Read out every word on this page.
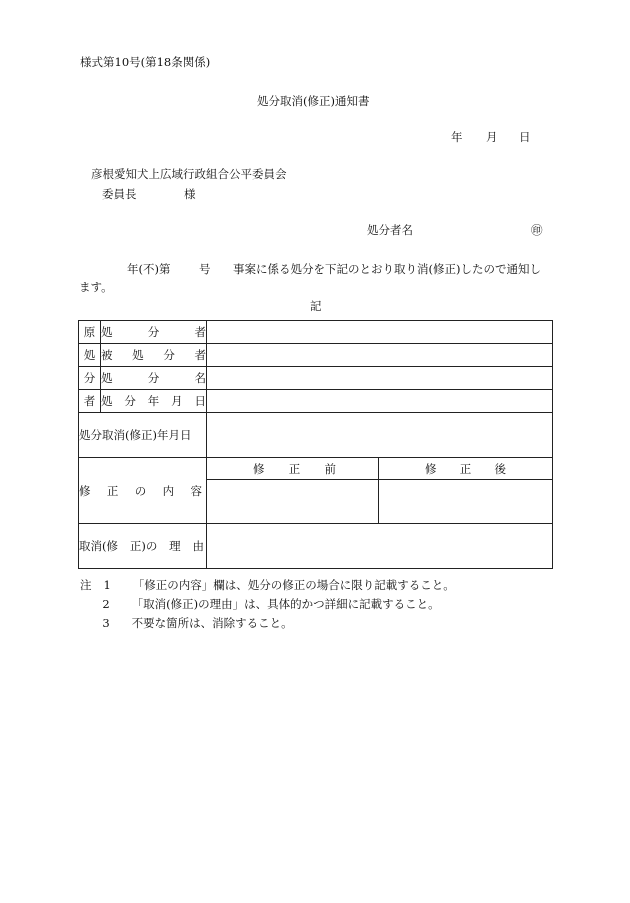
様式第10号(第18条関係)
処分取消(修正)通知書
年 月 日
彦根愛知犬上広域行政組合公平委員会
委員長	様
処分者名	㊞
年(不)第 号 事案に係る処分を下記のとおり取り消(修正)したので通知し
ます。
記
原	処 分 者		

処	被 処 分 者		

分	処 分 名		

者	処 分 年 月 日		

処分取消(修正)年月日			

修 正 の 内 容		修 正 前	修 正 後

取消(修 正)の 理 由			

注 1 「修正の内容」欄は、処分の修正の場合に限り記載すること。
2 「取消(修正)の理由」は、具体的かつ詳細に記載すること。
3 不要な箇所は、消除すること。
